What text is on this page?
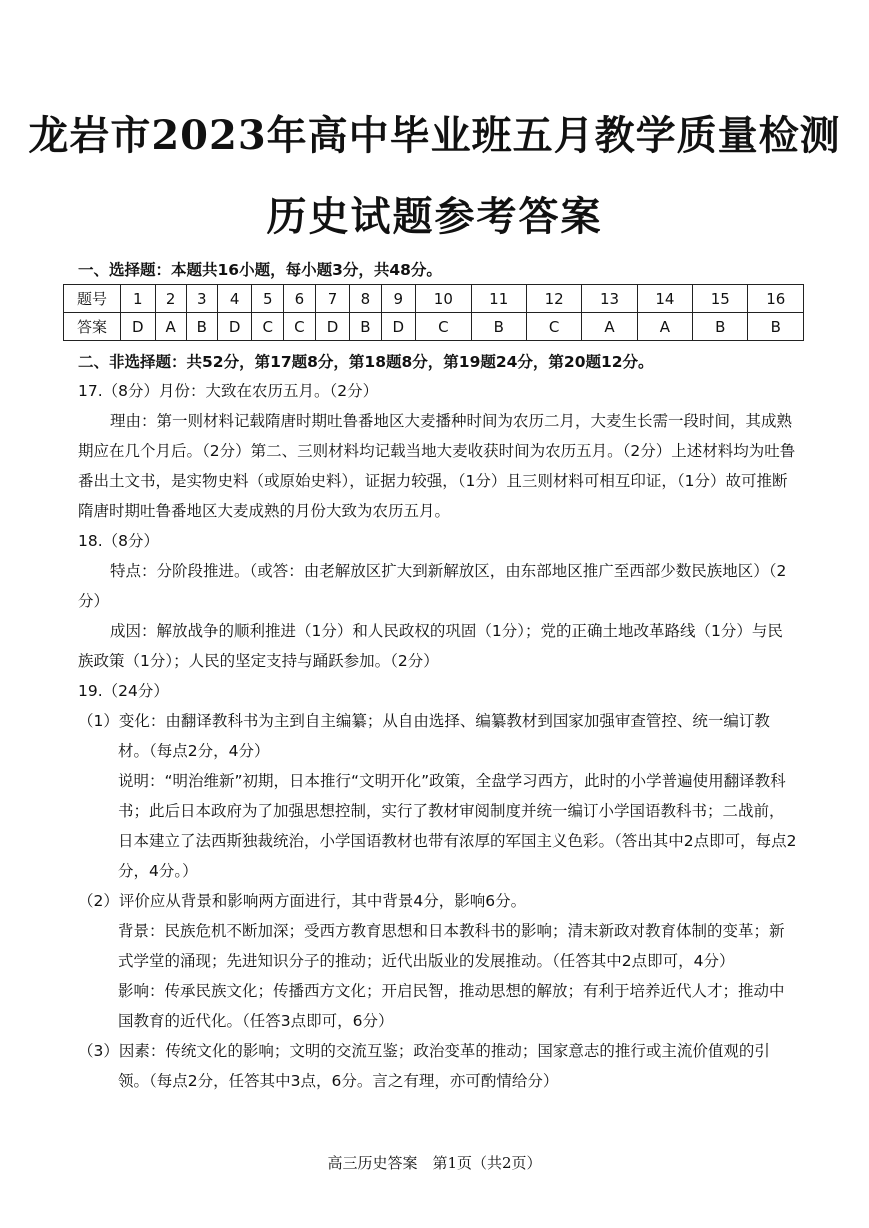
龙岩市2023年高中毕业班五月教学质量检测
历史试题参考答案
一、选择题：本题共16小题，每小题3分，共48分。
题号	1	2	3	4	5	6	7	8	9	10	11	12	13	14	15	16
答案	D	A	B	D	C	C	D	B	D	C	B	C	A	A	B	B
二、非选择题：共52分，第17题8分，第18题8分，第19题24分，第20题12分。

17.（8分）月份：大致在农历五月。（2分）

理由：第一则材料记载隋唐时期吐鲁番地区大麦播种时间为农历二月，大麦生长需一段时间，其成熟期应在几个月后。（2分）第二、三则材料均记载当地大麦收获时间为农历五月。（2分）上述材料均为吐鲁番出土文书，是实物史料（或原始史料），证据力较强，（1分）且三则材料可相互印证，（1分）故可推断隋唐时期吐鲁番地区大麦成熟的月份大致为农历五月。

18.（8分）

特点：分阶段推进。（或答：由老解放区扩大到新解放区，由东部地区推广至西部少数民族地区）（2分）

成因：解放战争的顺利推进（1分）和人民政权的巩固（1分）；党的正确土地改革路线（1分）与民族政策（1分）；人民的坚定支持与踊跃参加。（2分）

19.（24分）

（1）变化：由翻译教科书为主到自主编纂；从自由选择、编纂教材到国家加强审查管控、统一编订教材。（每点2分，4分）

说明：“明治维新”初期，日本推行“文明开化”政策，全盘学习西方，此时的小学普遍使用翻译教科书；此后日本政府为了加强思想控制，实行了教材审阅制度并统一编订小学国语教科书；二战前，日本建立了法西斯独裁统治，小学国语教材也带有浓厚的军国主义色彩。（答出其中2点即可，每点2分，4分。）

（2）评价应从背景和影响两方面进行，其中背景4分，影响6分。

背景：民族危机不断加深；受西方教育思想和日本教科书的影响；清末新政对教育体制的变革；新式学堂的涌现；先进知识分子的推动；近代出版业的发展推动。（任答其中2点即可，4分）

影响：传承民族文化；传播西方文化；开启民智，推动思想的解放；有利于培养近代人才；推动中国教育的近代化。（任答3点即可，6分）

（3）因素：传统文化的影响；文明的交流互鉴；政治变革的推动；国家意志的推行或主流价值观的引领。（每点2分，任答其中3点，6分。言之有理，亦可酌情给分）

高三历史答案　第1页（共2页）
